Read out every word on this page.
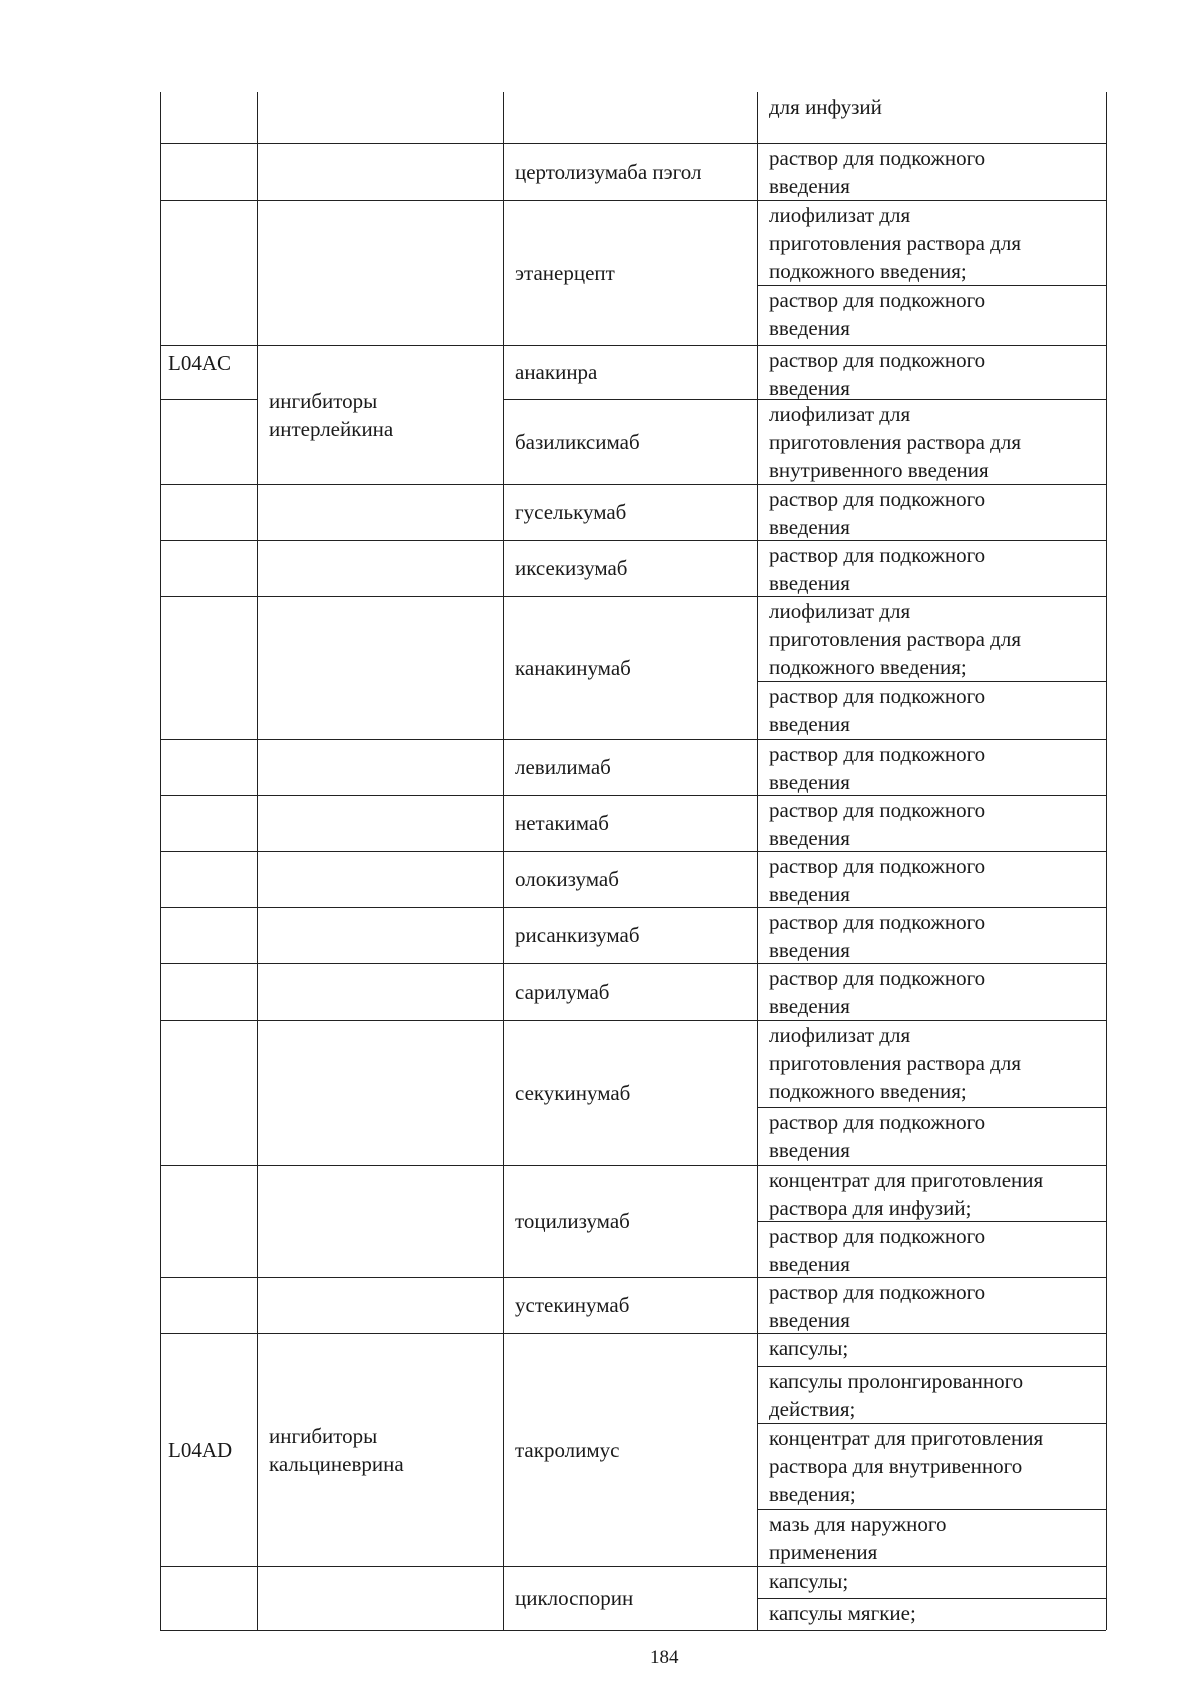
для инфузий
цертолизумаба пэгол
раствор для подкожного
введения
этанерцепт
лиофилизат для
приготовления раствора для
подкожного введения;
раствор для подкожного
введения
L04AC
ингибиторы
интерлейкина
анакинра	раствор для подкожного
введения
базиликсимаб
лиофилизат для
приготовления раствора для
внутривенного введения
гуселькумаб
раствор для подкожного
введения
иксекизумаб
раствор для подкожного
введения
канакинумаб
лиофилизат для
приготовления раствора для
подкожного введения;
раствор для подкожного
введения
левилимаб
раствор для подкожного
введения
нетакимаб
раствор для подкожного
введения
олокизумаб
раствор для подкожного
введения
рисанкизумаб
раствор для подкожного
введения
сарилумаб
раствор для подкожного
введения
секукинумаб
лиофилизат для
приготовления раствора для
подкожного введения;
раствор для подкожного
введения
тоцилизумаб
концентрат для приготовления
раствора для инфузий;
раствор для подкожного
введения
устекинумаб
раствор для подкожного
введения
L04AD
ингибиторы
кальциневрина
такролимус
капсулы;
капсулы пролонгированного
действия;
концентрат для приготовления
раствора для внутривенного
введения;
мазь для наружного
применения
циклоспорин
капсулы;
капсулы мягкие;
184
